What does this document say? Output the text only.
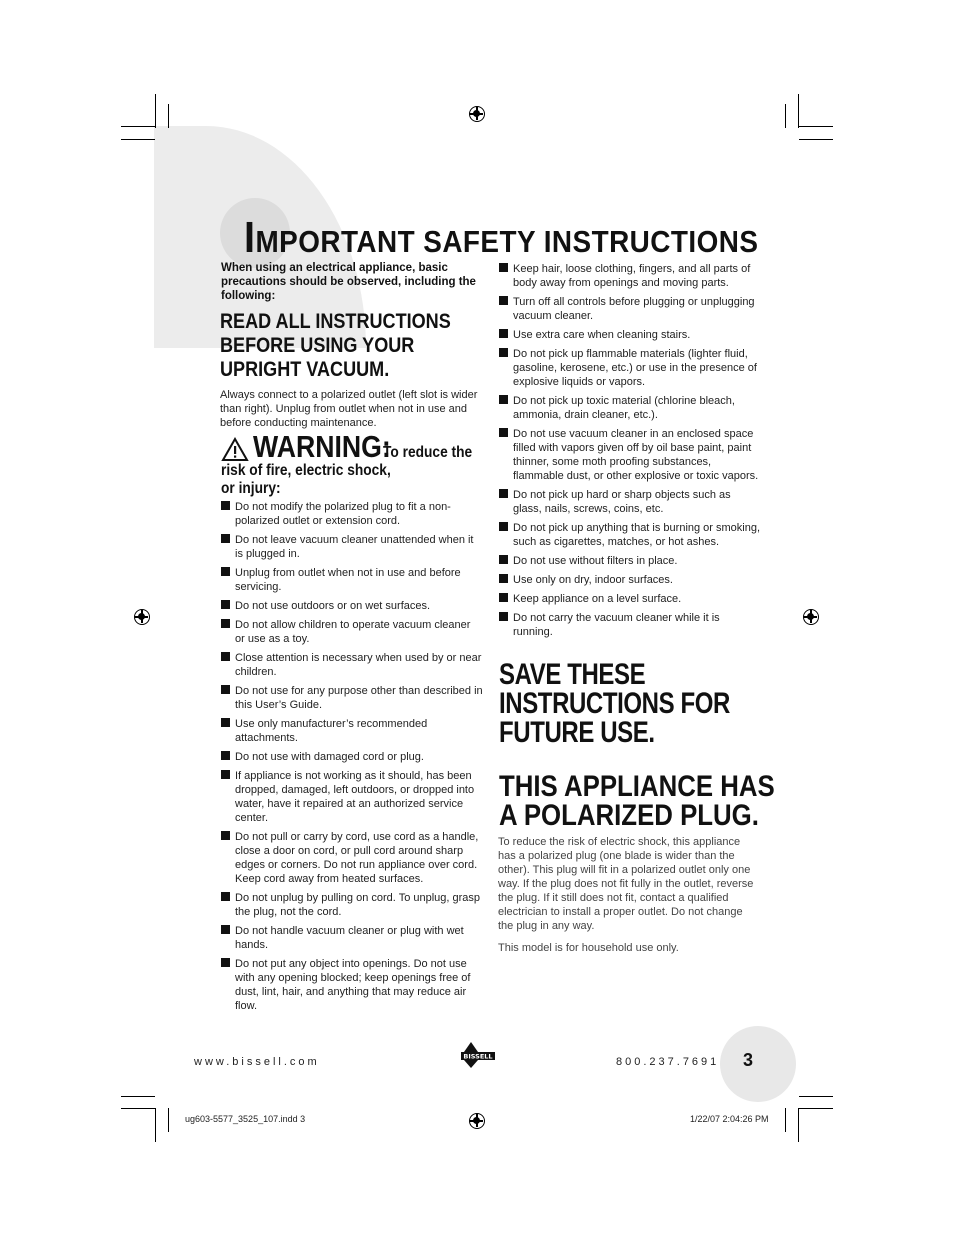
IMPORTANT SAFETY INSTRUCTIONS
When using an electrical appliance, basic precautions should be observed, including the following:
READ ALL INSTRUCTIONS
BEFORE USING YOUR
UPRIGHT VACUUM.
Always connect to a polarized outlet (left slot is wider than right). Unplug from outlet when not in use and before conducting maintenance.
WARNING:
To reduce the
risk of fire, electric shock,
or injury:
Do not modify the polarized plug to fit a non-polarized outlet or extension cord.
Do not leave vacuum cleaner unattended when it is plugged in.
Unplug from outlet when not in use and before servicing.
Do not use outdoors or on wet surfaces.
Do not allow children to operate vacuum cleaner or use as a toy.
Close attention is necessary when used by or near children.
Do not use for any purpose other than described in this User’s Guide.
Use only manufacturer’s recommended attachments.
Do not use with damaged cord or plug.
If appliance is not working as it should, has been dropped, damaged, left outdoors, or dropped into water, have it repaired at an authorized service center.
Do not pull or carry by cord, use cord as a handle, close a door on cord, or pull cord around sharp edges or corners. Do not run appliance over cord. Keep cord away from heated surfaces.
Do not unplug by pulling on cord. To unplug, grasp the plug, not the cord.
Do not handle vacuum cleaner or plug with wet hands.
Do not put any object into openings. Do not use with any opening blocked; keep openings free of dust, lint, hair, and anything that may reduce air flow.
Keep hair, loose clothing, fingers, and all parts of body away from openings and moving parts.
Turn off all controls before plugging or unplugging vacuum cleaner.
Use extra care when cleaning stairs.
Do not pick up flammable materials (lighter fluid, gasoline, kerosene, etc.) or use in the presence of explosive liquids or vapors.
Do not pick up toxic material (chlorine bleach, ammonia, drain cleaner, etc.).
Do not use vacuum cleaner in an enclosed space filled with vapors given off by oil base paint, paint thinner, some moth proofing substances, flammable dust, or other explosive or toxic vapors.
Do not pick up hard or sharp objects such as glass, nails, screws, coins, etc.
Do not pick up anything that is burning or smoking, such as cigarettes, matches, or hot ashes.
Do not use without filters in place.
Use only on dry, indoor surfaces.
Keep appliance on a level surface.
Do not carry the vacuum cleaner while it is running.
SAVE THESE
INSTRUCTIONS FOR
FUTURE USE.
THIS APPLIANCE HAS
A POLARIZED PLUG.
To reduce the risk of electric shock, this appliance has a polarized plug (one blade is wider than the other). This plug will fit in a polarized outlet only one way. If the plug does not fit fully in the outlet, reverse the plug. If it still does not fit, contact a qualified electrician to install a proper outlet. Do not change the plug in any way.
This model is for household use only.
www.bissell.com	BISSELL	800.237.7691 3
ug603-5577_3525_107.indd 3	1/22/07 2:04:26 PM
